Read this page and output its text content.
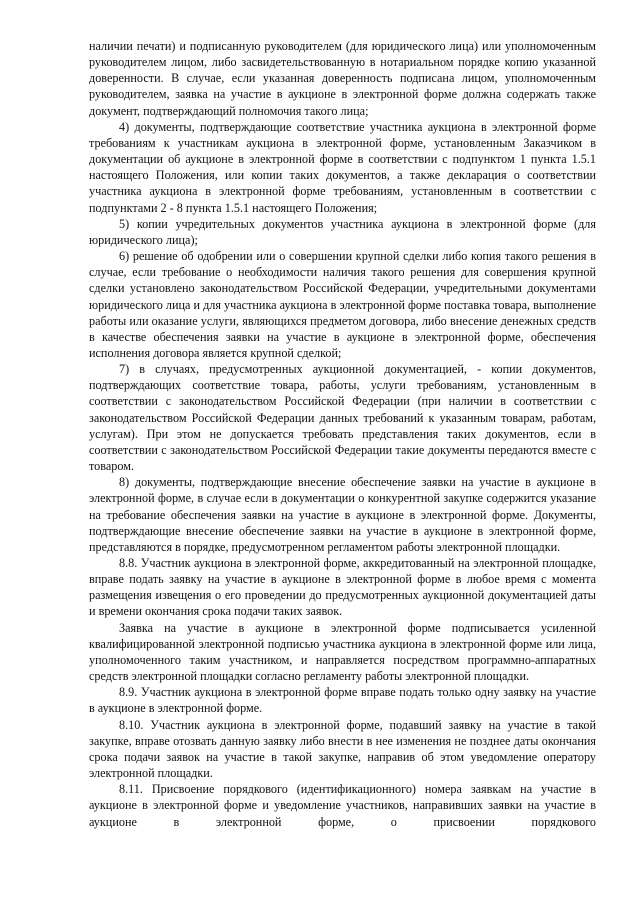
наличии печати) и подписанную руководителем (для юридического лица) или уполномоченным руководителем лицом, либо засвидетельствованную в нотариальном порядке копию указанной доверенности. В случае, если указанная доверенность подписана лицом, уполномоченным руководителем, заявка на участие в аукционе в электронной форме должна содержать также документ, подтверждающий полномочия такого лица;

4) документы, подтверждающие соответствие участника аукциона в электронной форме требованиям к участникам аукциона в электронной форме, установленным Заказчиком в документации об аукционе в электронной форме в соответствии с подпунктом 1 пункта 1.5.1 настоящего Положения, или копии таких документов, а также декларация о соответствии участника аукциона в электронной форме требованиям, установленным в соответствии с подпунктами 2 - 8 пункта 1.5.1 настоящего Положения;

5) копии учредительных документов участника аукциона в электронной форме (для юридического лица);

6) решение об одобрении или о совершении крупной сделки либо копия такого решения в случае, если требование о необходимости наличия такого решения для совершения крупной сделки установлено законодательством Российской Федерации, учредительными документами юридического лица и для участника аукциона в электронной форме поставка товара, выполнение работы или оказание услуги, являющихся предметом договора, либо внесение денежных средств в качестве обеспечения заявки на участие в аукционе в электронной форме, обеспечения исполнения договора является крупной сделкой;

7) в случаях, предусмотренных аукционной документацией, - копии документов, подтверждающих соответствие товара, работы, услуги требованиям, установленным в соответствии с законодательством Российской Федерации (при наличии в соответствии с законодательством Российской Федерации данных требований к указанным товарам, работам, услугам). При этом не допускается требовать представления таких документов, если в соответствии с законодательством Российской Федерации такие документы передаются вместе с товаром.

8) документы, подтверждающие внесение обеспечение заявки на участие в аукционе в электронной форме, в случае если в документации о конкурентной закупке содержится указание на требование обеспечения заявки на участие в аукционе в электронной форме. Документы, подтверждающие внесение обеспечение заявки на участие в аукционе в электронной форме, представляются в порядке, предусмотренном регламентом работы электронной площадки.

8.8. Участник аукциона в электронной форме, аккредитованный на электронной площадке, вправе подать заявку на участие в аукционе в электронной форме в любое время с момента размещения извещения о его проведении до предусмотренных аукционной документацией даты и времени окончания срока подачи таких заявок.

Заявка на участие в аукционе в электронной форме подписывается усиленной квалифицированной электронной подписью участника аукциона в электронной форме или лица, уполномоченного таким участником, и направляется посредством программно-аппаратных средств электронной площадки согласно регламенту работы электронной площадки.

8.9. Участник аукциона в электронной форме вправе подать только одну заявку на участие в аукционе в электронной форме.

8.10. Участник аукциона в электронной форме, подавший заявку на участие в такой закупке, вправе отозвать данную заявку либо внести в нее изменения не позднее даты окончания срока подачи заявок на участие в такой закупке, направив об этом уведомление оператору электронной площадки.

8.11. Присвоение порядкового (идентификационного) номера заявкам на участие в аукционе в электронной форме и уведомление участников, направивших заявки на участие в аукционе в электронной форме, о присвоении порядкового
